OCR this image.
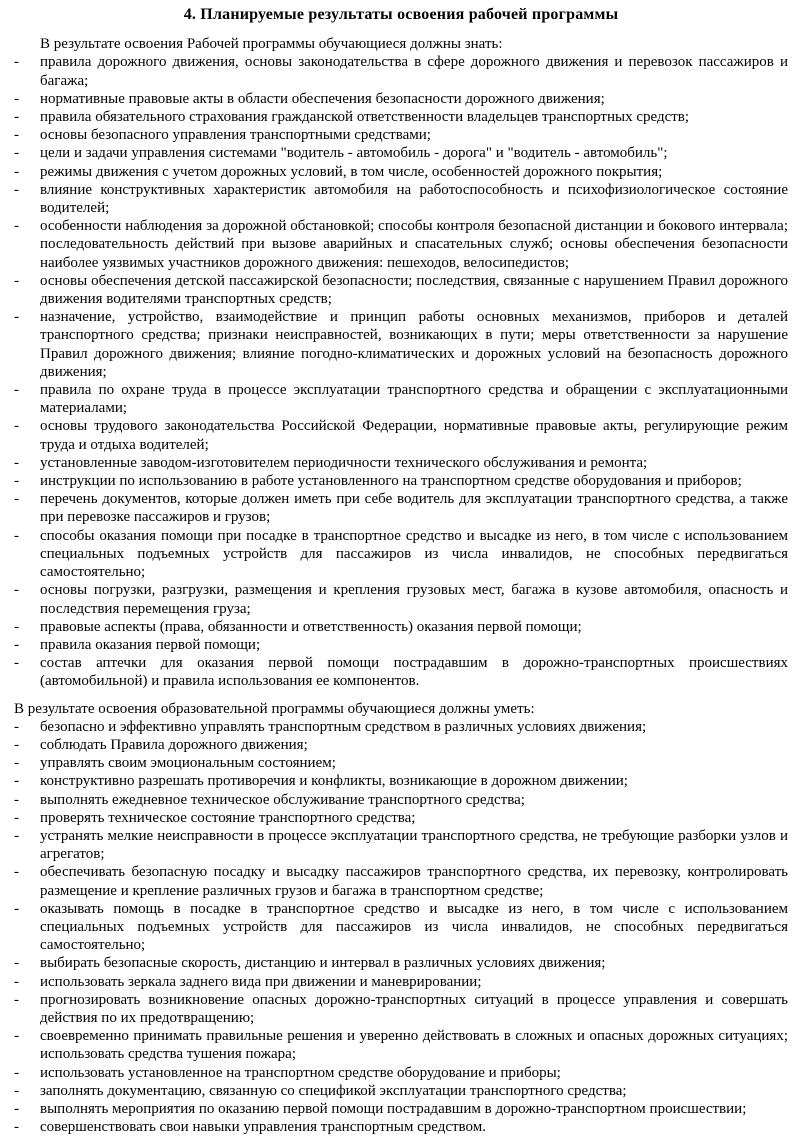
4. Планируемые результаты освоения рабочей программы

В результате освоения Рабочей программы обучающиеся должны знать:

-	правила дорожного движения, основы законодательства в сфере дорожного движения и перевозок пассажиров и багажа;
-	нормативные правовые акты в области обеспечения безопасности дорожного движения;
-	правила обязательного страхования гражданской ответственности владельцев транспортных средств;
-	основы безопасного управления транспортными средствами;
-	цели и задачи управления системами "водитель - автомобиль - дорога" и "водитель - автомобиль";
-	режимы движения с учетом дорожных условий, в том числе, особенностей дорожного покрытия;
-	влияние конструктивных характеристик автомобиля на работоспособность и психофизиологическое состояние водителей;
-	особенности наблюдения за дорожной обстановкой; способы контроля безопасной дистанции и бокового интервала; последовательность действий при вызове аварийных и спасательных служб; основы обеспечения безопасности наиболее уязвимых участников дорожного движения: пешеходов, велосипедистов;
-	основы обеспечения детской пассажирской безопасности; последствия, связанные с нарушением Правил дорожного движения водителями транспортных средств;
-	назначение, устройство, взаимодействие и принцип работы основных механизмов, приборов и деталей транспортного средства; признаки неисправностей, возникающих в пути; меры ответственности за нарушение Правил дорожного движения; влияние погодно-климатических и дорожных условий на безопасность дорожного движения;
-	правила по охране труда в процессе эксплуатации транспортного средства и обращении с эксплуатационными материалами;
-	основы трудового законодательства Российской Федерации, нормативные правовые акты, регулирующие режим труда и отдыха водителей;
-	установленные заводом-изготовителем периодичности технического обслуживания и ремонта;
-	инструкции по использованию в работе установленного на транспортном средстве оборудования и приборов;
-	перечень документов, которые должен иметь при себе водитель для эксплуатации транспортного средства, а также при перевозке пассажиров и грузов;
-	способы оказания помощи при посадке в транспортное средство и высадке из него, в том числе с использованием специальных подъемных устройств для пассажиров из числа инвалидов, не способных передвигаться самостоятельно;
-	основы погрузки, разгрузки, размещения и крепления грузовых мест, багажа в кузове автомобиля, опасность и последствия перемещения груза;
-	правовые аспекты (права, обязанности и ответственность) оказания первой помощи;
-	правила оказания первой помощи;
-	состав аптечки для оказания первой помощи пострадавшим в дорожно-транспортных происшествиях (автомобильной) и правила использования ее компонентов.

В результате освоения образовательной программы обучающиеся должны уметь:

-	безопасно и эффективно управлять транспортным средством в различных условиях движения;
-	соблюдать Правила дорожного движения;
-	управлять своим эмоциональным состоянием;
-	конструктивно разрешать противоречия и конфликты, возникающие в дорожном движении;
-	выполнять ежедневное техническое обслуживание транспортного средства;
-	проверять техническое состояние транспортного средства;
-	устранять мелкие неисправности в процессе эксплуатации транспортного средства, не требующие разборки узлов и агрегатов;
-	обеспечивать безопасную посадку и высадку пассажиров транспортного средства, их перевозку, контролировать размещение и крепление различных грузов и багажа в транспортном средстве;
-	оказывать помощь в посадке в транспортное средство и высадке из него, в том числе с использованием специальных подъемных устройств для пассажиров из числа инвалидов, не способных передвигаться самостоятельно;
-	выбирать безопасные скорость, дистанцию и интервал в различных условиях движения;
-	использовать зеркала заднего вида при движении и маневрировании;
-	прогнозировать возникновение опасных дорожно-транспортных ситуаций в процессе управления и совершать действия по их предотвращению;
-	своевременно принимать правильные решения и уверенно действовать в сложных и опасных дорожных ситуациях; использовать средства тушения пожара;
-	использовать установленное на транспортном средстве оборудование и приборы;
-	заполнять документацию, связанную со спецификой эксплуатации транспортного средства;
-	выполнять мероприятия по оказанию первой помощи пострадавшим в дорожно-транспортном происшествии;
-	совершенствовать свои навыки управления транспортным средством.
